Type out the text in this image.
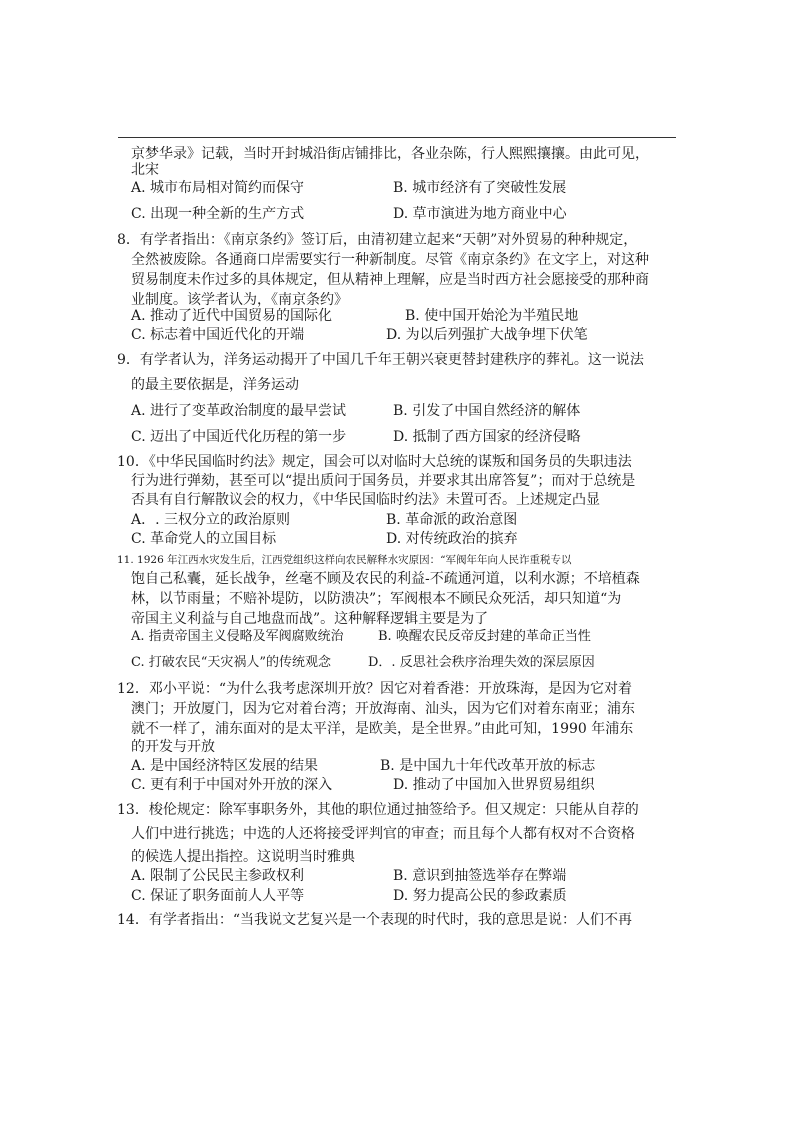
京梦华录》记载，当时开封城沿街店铺排比，各业杂陈，行人熙熙攘攘。由此可见，
北宋
A. 城市布局相对简约而保守	B. 城市经济有了突破性发展
C. 出现一种全新的生产方式	D. 草市演进为地方商业中心
8．有学者指出：《南京条约》签订后，由清初建立起来“天朝”对外贸易的种种规定，
全然被废除。各通商口岸需要实行一种新制度。尽管《南京条约》在文字上，对这种
贸易制度未作过多的具体规定，但从精神上理解，应是当时西方社会愿接受的那种商
业制度。该学者认为，《南京条约》
A. 推动了近代中国贸易的国际化	B. 使中国开始沦为半殖民地
C. 标志着中国近代化的开端	D. 为以后列强扩大战争埋下伏笔
9．有学者认为，洋务运动揭开了中国几千年王朝兴衰更替封建秩序的葬礼。这一说法
的最主要依据是，洋务运动
A. 进行了变革政治制度的最早尝试	B. 引发了中国自然经济的解体
C. 迈出了中国近代化历程的第一步	D. 抵制了西方国家的经济侵略
10．《中华民国临时约法》规定，国会可以对临时大总统的谋叛和国务员的失职违法
行为进行弹劾，甚至可以“提出质问于国务员，并要求其出席答复”；而对于总统是
否具有自行解散议会的权力，《中华民国临时约法》未置可否。上述规定凸显
A．. 三权分立的政治原则	B. 革命派的政治意图
C. 革命党人的立国目标	D. 对传统政治的摈弃
11. 1926 年江西水灾发生后，江西党组织这样向农民解释水灾原因：“军阀年年向人民诈重税专以
饱自己私囊，延长战争，丝毫不顾及农民的利益-不疏通河道，以利水源；不培植森
林，以节雨量；不赔补堤防，以防溃决”；军阀根本不顾民众死活，却只知道“为
帝国主义利益与自己地盘而战”。这种解释逻辑主要是为了
A. 指责帝国主义侵略及军阀腐败统治	B. 唤醒农民反帝反封建的革命正当性
C. 打破农民“天灾祸人”的传统观念	D．. 反思社会秩序治理失效的深层原因
12．邓小平说：“为什么我考虑深圳开放？因它对着香港：开放珠海，是因为它对着
澳门；开放厦门，因为它对着台湾；开放海南、汕头，因为它们对着东南亚；浦东
就不一样了，浦东面对的是太平洋，是欧美，是全世界。”由此可知，1990 年浦东
的开发与开放
A. 是中国经济特区发展的结果	B. 是中国九十年代改革开放的标志
C. 更有利于中国对外开放的深入	D. 推动了中国加入世界贸易组织
13．梭伦规定：除军事职务外，其他的职位通过抽签给予。但又规定：只能从自荐的
人们中进行挑选；中选的人还将接受评判官的审查；而且每个人都有权对不合资格
的候选人提出指控。这说明当时雅典
A. 限制了公民民主参政权利	B. 意识到抽签选举存在弊端
C. 保证了职务面前人人平等	D. 努力提高公民的参政素质
14．有学者指出：“当我说文艺复兴是一个表现的时代时，我的意思是说：人们不再
